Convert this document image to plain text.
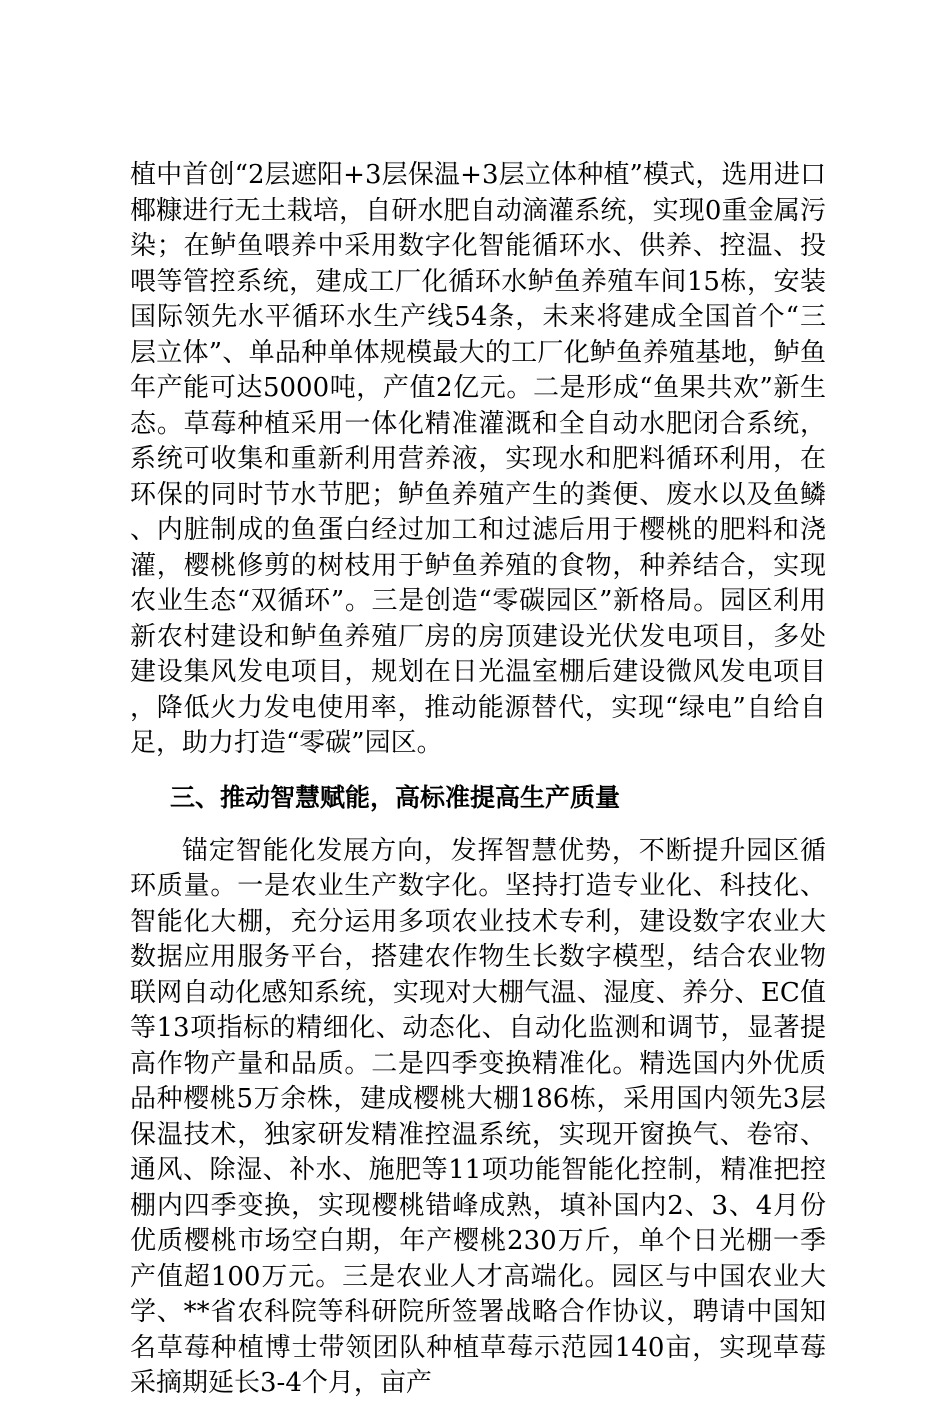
植中首创“2层遮阳+3层保温+3层立体种植”模式，选用进口椰糠进行无土栽培，自研水肥自动滴灌系统，实现0重金属污染；在鲈鱼喂养中采用数字化智能循环水、供养、控温、投喂等管控系统，建成工厂化循环水鲈鱼养殖车间15栋，安装国际领先水平循环水生产线54条，未来将建成全国首个“三层立体”、单品种单体规模最大的工厂化鲈鱼养殖基地，鲈鱼年产能可达5000吨，产值2亿元。二是形成“鱼果共欢”新生态。草莓种植采用一体化精准灌溉和全自动水肥闭合系统，系统可收集和重新利用营养液，实现水和肥料循环利用，在环保的同时节水节肥；鲈鱼养殖产生的粪便、废水以及鱼鳞、内脏制成的鱼蛋白经过加工和过滤后用于樱桃的肥料和浇灌，樱桃修剪的树枝用于鲈鱼养殖的食物，种养结合，实现农业生态“双循环”。三是创造“零碳园区”新格局。园区利用新农村建设和鲈鱼养殖厂房的房顶建设光伏发电项目，多处建设集风发电项目，规划在日光温室棚后建设微风发电项目，降低火力发电使用率，推动能源替代，实现“绿电”自给自足，助力打造“零碳”园区。

三、推动智慧赋能，高标准提高生产质量

锚定智能化发展方向，发挥智慧优势，不断提升园区循环质量。一是农业生产数字化。坚持打造专业化、科技化、智能化大棚，充分运用多项农业技术专利，建设数字农业大数据应用服务平台，搭建农作物生长数字模型，结合农业物联网自动化感知系统，实现对大棚气温、湿度、养分、EC值等13项指标的精细化、动态化、自动化监测和调节，显著提高作物产量和品质。二是四季变换精准化。精选国内外优质品种樱桃5万余株，建成樱桃大棚186栋，采用国内领先3层保温技术，独家研发精准控温系统，实现开窗换气、卷帘、通风、除湿、补水、施肥等11项功能智能化控制，精准把控棚内四季变换，实现樱桃错峰成熟，填补国内2、3、4月份优质樱桃市场空白期，年产樱桃230万斤，单个日光棚一季产值超100万元。三是农业人才高端化。园区与中国农业大学、**省农科院等科研院所签署战略合作协议，聘请中国知名草莓种植博士带领团队种植草莓示范园140亩，实现草莓采摘期延长3-4个月，亩产
